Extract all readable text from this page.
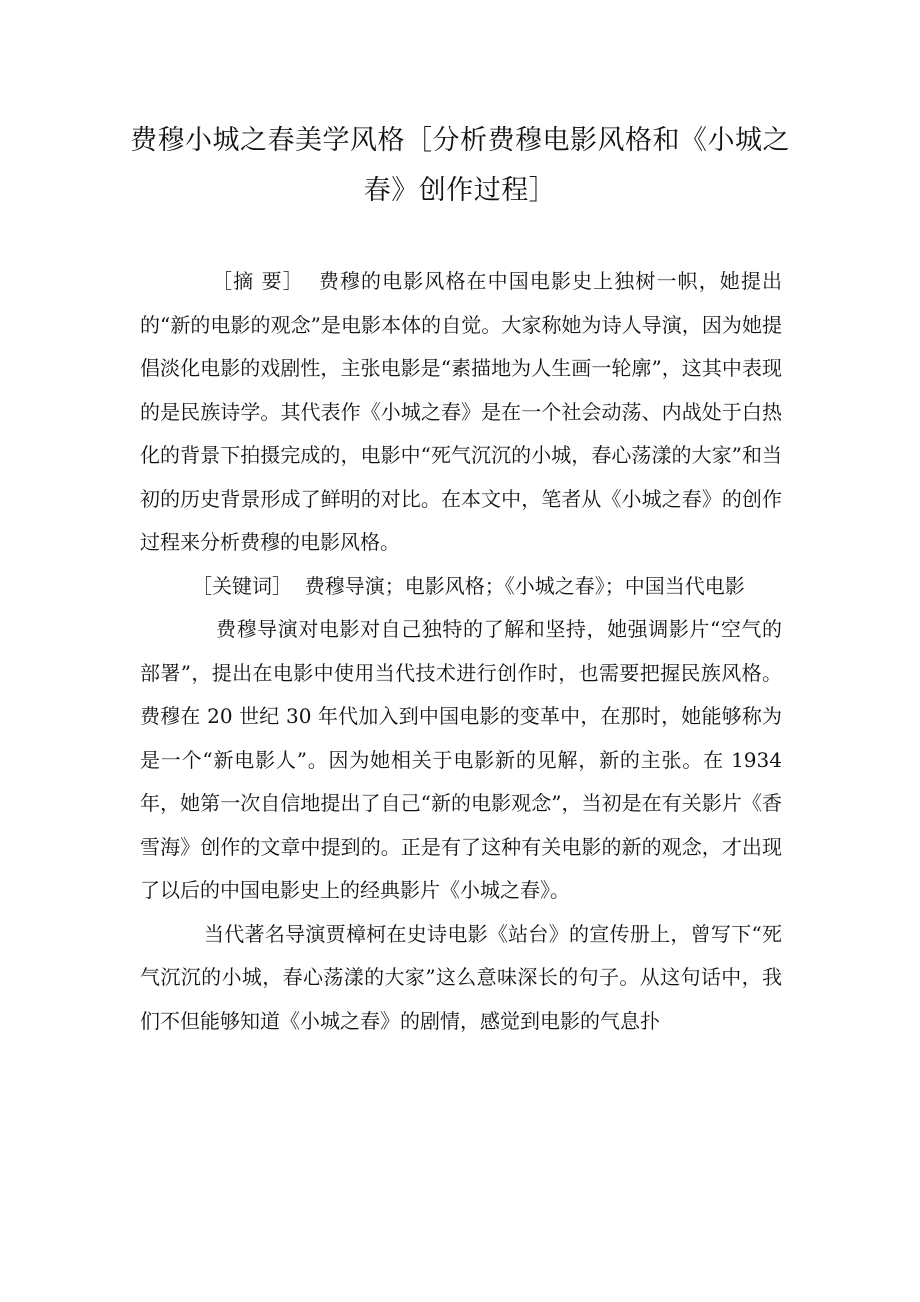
费穆小城之春美学风格［分析费穆电影风格和《小城之春》创作过程］

［摘 要］ 费穆的电影风格在中国电影史上独树一帜，她提出的“新的电影的观念”是电影本体的自觉。大家称她为诗人导演，因为她提倡淡化电影的戏剧性，主张电影是“素描地为人生画一轮廓”，这其中表现的是民族诗学。其代表作《小城之春》是在一个社会动荡、内战处于白热化的背景下拍摄完成的，电影中“死气沉沉的小城，春心荡漾的大家”和当初的历史背景形成了鲜明的对比。在本文中，笔者从《小城之春》的创作过程来分析费穆的电影风格。

［关键词］ 费穆导演；电影风格；《小城之春》；中国当代电影

费穆导演对电影对自己独特的了解和坚持，她强调影片“空气的部署”，提出在电影中使用当代技术进行创作时，也需要把握民族风格。费穆在 20 世纪 30 年代加入到中国电影的变革中，在那时，她能够称为是一个“新电影人”。因为她相关于电影新的见解，新的主张。在 1934 年，她第一次自信地提出了自己“新的电影观念”，当初是在有关影片《香雪海》创作的文章中提到的。正是有了这种有关电影的新的观念，才出现了以后的中国电影史上的经典影片《小城之春》。

当代著名导演贾樟柯在史诗电影《站台》的宣传册上，曾写下“死气沉沉的小城，春心荡漾的大家”这么意味深长的句子。从这句话中，我们不但能够知道《小城之春》的剧情，感觉到电影的气息扑
